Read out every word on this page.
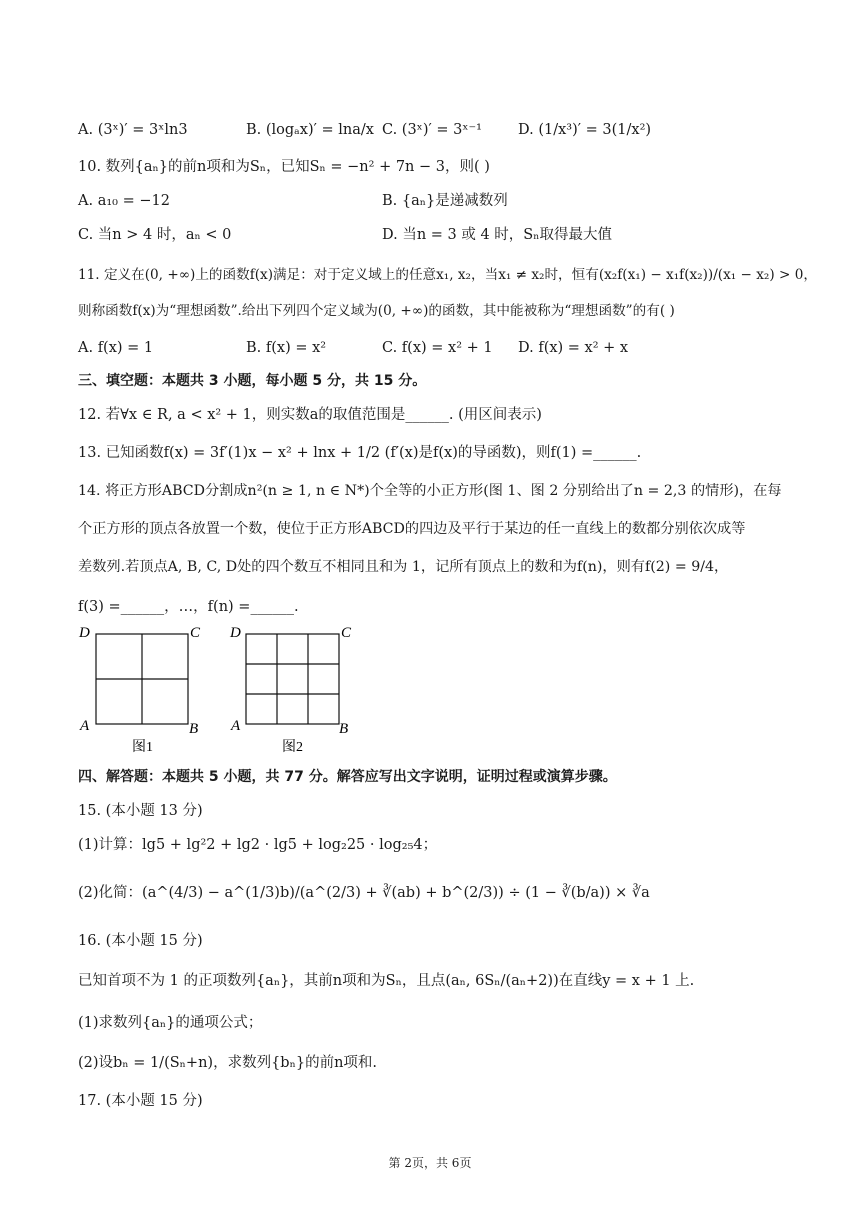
A. (3ˣ)′ = 3ˣln3	B. (logₐx)′ = lna/x C. (3ˣ)′ = 3ˣ⁻¹ D. (1/x³)′ = 3(1/x²)
10. 数列{aₙ}的前n项和为Sₙ，已知Sₙ = −n² + 7n − 3，则( )
A. a₁₀ = −12	B. {aₙ}是递减数列
C. 当n > 4 时，aₙ < 0	D. 当n = 3 或 4 时，Sₙ取得最大值
11. 定义在(0, +∞)上的函数f(x)满足：对于定义域上的任意x₁, x₂，当x₁ ≠ x₂时，恒有(x₂f(x₁) − x₁f(x₂))/(x₁ − x₂) > 0，
则称函数f(x)为“理想函数”.给出下列四个定义域为(0, +∞)的函数，其中能被称为“理想函数”的有( )
A. f(x) = 1	B. f(x) = x²	C. f(x) = x² + 1 D. f(x) = x² + x
三、填空题：本题共 3 小题，每小题 5 分，共 15 分。
12. 若∀x ∈ R, a < x² + 1，则实数a的取值范围是______. (用区间表示)
13. 已知函数f(x) = 3f′(1)x − x² + lnx + 1/2 (f′(x)是f(x)的导函数)，则f(1) =______.
14. 将正方形ABCD分割成n²(n ≥ 1, n ∈ N*)个全等的小正方形(图 1、图 2 分别给出了n = 2,3 的情形)，在每
个正方形的顶点各放置一个数，使位于正方形ABCD的四边及平行于某边的任一直线上的数都分别依次成等
差数列.若顶点A, B, C, D处的四个数互不相同且和为 1，记所有顶点上的数和为f(n)，则有f(2) = 9/4，
f(3) =______，…，f(n) =______.
D	C
A	B
图1
D	C
A	B
图2
四、解答题：本题共 5 小题，共 77 分。解答应写出文字说明，证明过程或演算步骤。
15. (本小题 13 分)
(1)计算：lg5 + lg²2 + lg2 · lg5 + log₂25 · log₂₅4；
(2)化简：(a^(4/3) − a^(1/3)b)/(a^(2/3) + ∛(ab) + b^(2/3)) ÷ (1 − ∛(b/a)) × ∛a
16. (本小题 15 分)
已知首项不为 1 的正项数列{aₙ}，其前n项和为Sₙ，且点(aₙ, 6Sₙ/(aₙ+2))在直线y = x + 1 上.
(1)求数列{aₙ}的通项公式；
(2)设bₙ = 1/(Sₙ+n)，求数列{bₙ}的前n项和.
17. (本小题 15 分)
第 2页，共 6页
